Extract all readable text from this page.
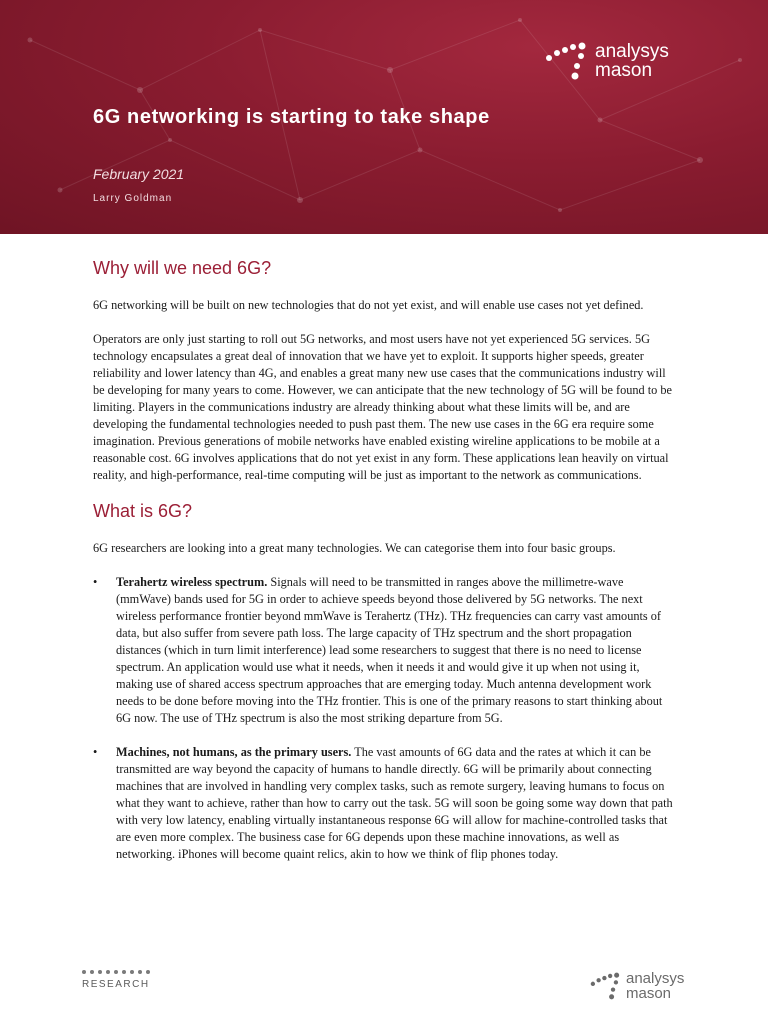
analysys
mason
6G networking is starting to take shape
February 2021
Larry Goldman
Why will we need 6G?

6G networking will be built on new technologies that do not yet exist, and will enable use cases not yet defined.

Operators are only just starting to roll out 5G networks, and most users have not yet experienced 5G services. 5G technology encapsulates a great deal of innovation that we have yet to exploit. It supports higher speeds, greater reliability and lower latency than 4G, and enables a great many new use cases that the communications industry will be developing for many years to come. However, we can anticipate that the new technology of 5G will be found to be limiting. Players in the communications industry are already thinking about what these limits will be, and are developing the fundamental technologies needed to push past them. The new use cases in the 6G era require some imagination. Previous generations of mobile networks have enabled existing wireline applications to be mobile at a reasonable cost. 6G involves applications that do not yet exist in any form. These applications lean heavily on virtual reality, and high-performance, real-time computing will be just as important to the network as communications.

What is 6G?

6G researchers are looking into a great many technologies. We can categorise them into four basic groups.

• Terahertz wireless spectrum. Signals will need to be transmitted in ranges above the millimetre-wave (mmWave) bands used for 5G in order to achieve speeds beyond those delivered by 5G networks. The next wireless performance frontier beyond mmWave is Terahertz (THz). THz frequencies can carry vast amounts of data, but also suffer from severe path loss. The large capacity of THz spectrum and the short propagation distances (which in turn limit interference) lead some researchers to suggest that there is no need to license spectrum. An application would use what it needs, when it needs it and would give it up when not using it, making use of shared access spectrum approaches that are emerging today. Much antenna development work needs to be done before moving into the THz frontier. This is one of the primary reasons to start thinking about 6G now. The use of THz spectrum is also the most striking departure from 5G.
• Machines, not humans, as the primary users. The vast amounts of 6G data and the rates at which it can be transmitted are way beyond the capacity of humans to handle directly. 6G will be primarily about connecting machines that are involved in handling very complex tasks, such as remote surgery, leaving humans to focus on what they want to achieve, rather than how to carry out the task. 5G will soon be going some way down that path with very low latency, enabling virtually instantaneous response 6G will allow for machine-controlled tasks that are even more complex. The business case for 6G depends upon these machine innovations, as well as networking. iPhones will become quaint relics, akin to how we think of flip phones today.
RESEARCH	analysys
mason
